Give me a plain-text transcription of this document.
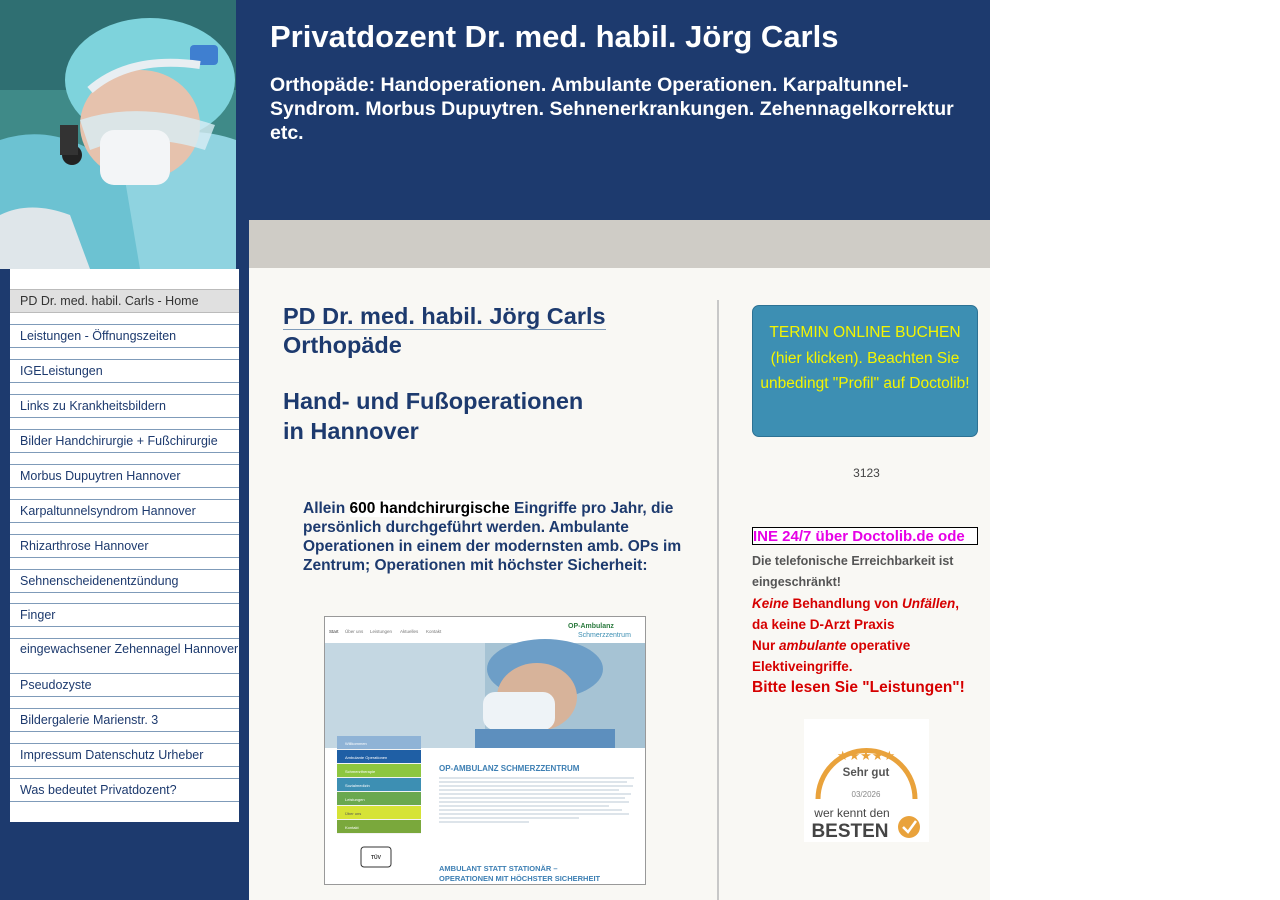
Privatdozent Dr. med. habil. Jörg Carls

Orthopäde: Handoperationen. Ambulante Operationen. Karpaltunnel-Syndrom. Morbus Dupuytren. Sehnenerkrankungen. Zehennagelkorrektur etc.

PD Dr. med. habil. Carls - Home
Leistungen - Öffnungszeiten
IGELeistungen
Links zu Krankheitsbildern
Bilder Handchirurgie + Fußchirurgie
Morbus Dupuytren Hannover
Karpaltunnelsyndrom Hannover
Rhizarthrose Hannover
Sehnenscheidenentzündung
Finger
eingewachsener Zehennagel Hannover
Pseudozyste
Bildergalerie Marienstr. 3
Impressum Datenschutz Urheber
Was bedeutet Privatdozent?
PD Dr. med. habil. Jörg Carls
Orthopäde
Hand- und Fußoperationen
in Hannover

Allein 600 handchirurgische Eingriffe pro Jahr, die persönlich durchgeführt werden. Ambulante Operationen in einem der modernsten amb. OPs im Zentrum; Operationen mit höchster Sicherheit:

Start Über uns Leistungen Aktuelles Kontakt
OP-Ambulanz
Schmerzzentrum
Willkommen
Ambulante Operationen
Schmerztherapie
Sozialmedizin
Leistungen
Über uns
Kontakt
OP-AMBULANZ SCHMERZZENTRUM
TÜV
AMBULANT STATT STATIONÄR –
OPERATIONEN MIT HÖCHSTER SICHERHEIT
TERMIN ONLINE BUCHEN (hier klicken). Beachten Sie unbedingt "Profil" auf Doctolib!
3123
INE 24/7 über Doctolib.de ode
Die telefonische Erreichbarkeit ist eingeschränkt!
Keine Behandlung von Unfällen,
da keine D-Arzt Praxis
Nur ambulante operative Elektiveingriffe.
Bitte lesen Sie "Leistungen"!
★★★★★
Sehr gut
03/2026
wer kennt den
BESTEN
